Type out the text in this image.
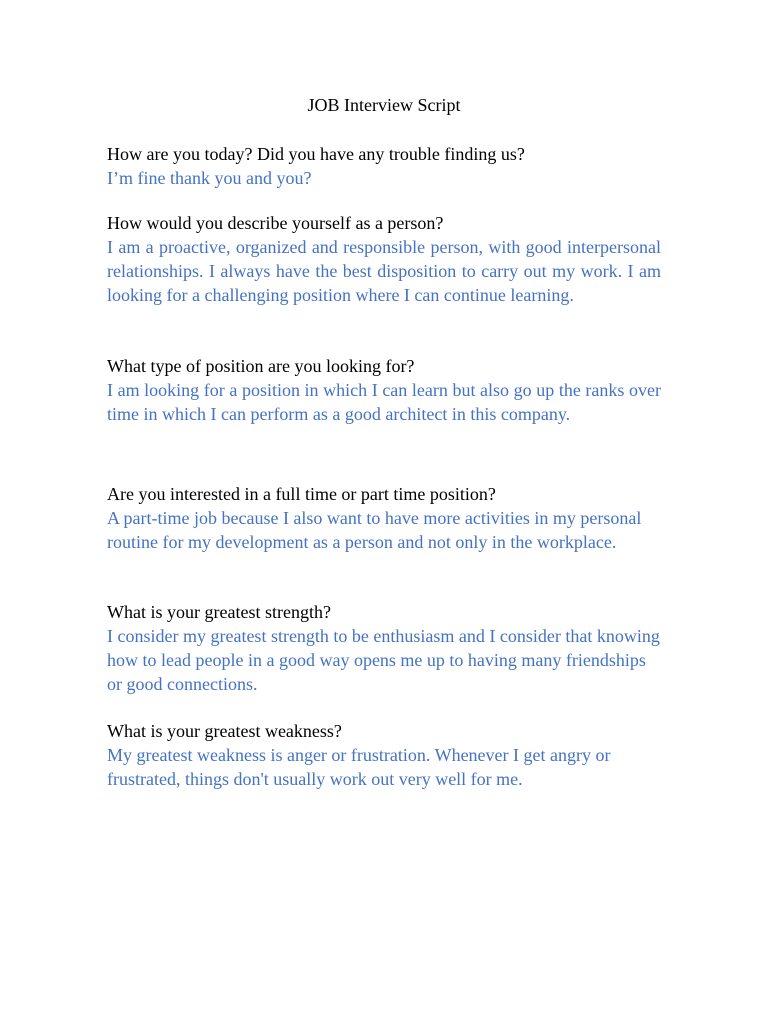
JOB Interview Script

How are you today? Did you have any trouble finding us?

I’m fine thank you and you?

How would you describe yourself as a person?

I am a proactive, organized and responsible person, with good interpersonal relationships. I always have the best disposition to carry out my work. I am looking for a challenging position where I can continue learning.

What type of position are you looking for?

I am looking for a position in which I can learn but also go up the ranks over time in which I can perform as a good architect in this company.

Are you interested in a full time or part time position?

A part-time job because I also want to have more activities in my personal routine for my development as a person and not only in the workplace.

What is your greatest strength?

I consider my greatest strength to be enthusiasm and I consider that knowing how to lead people in a good way opens me up to having many friendships or good connections.

What is your greatest weakness?

My greatest weakness is anger or frustration. Whenever I get angry or frustrated, things don't usually work out very well for me.
